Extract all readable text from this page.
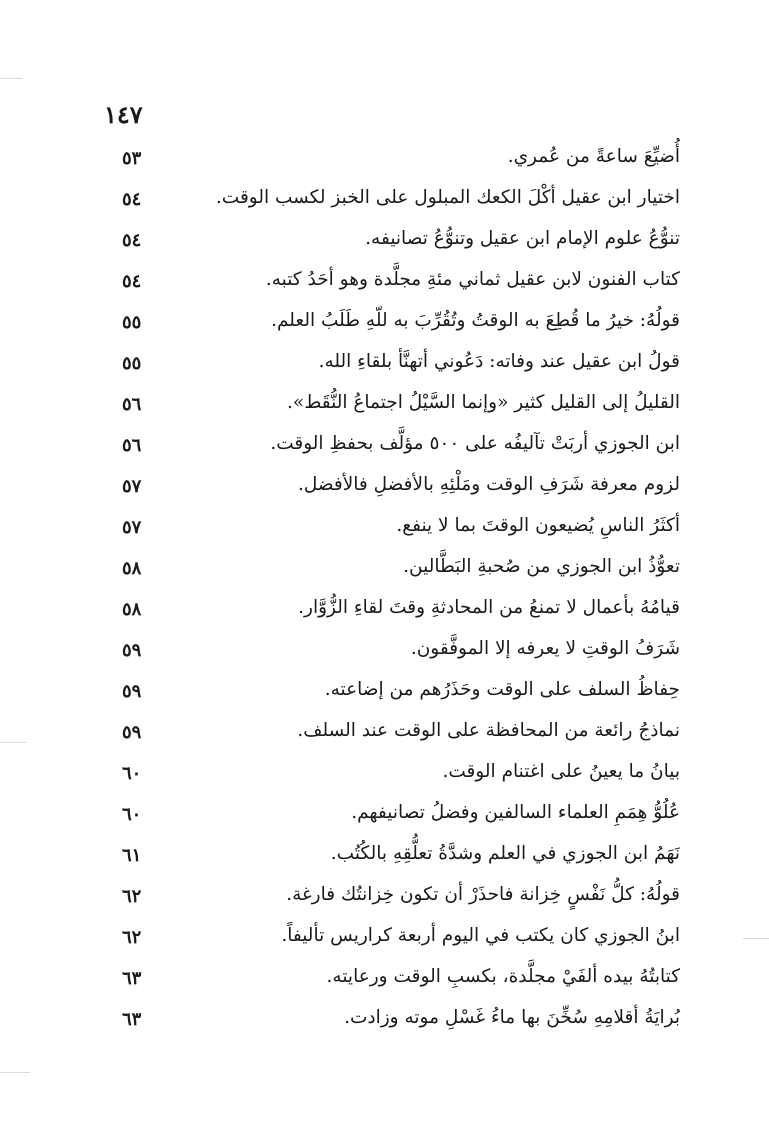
١٤٧
أُضيِّعَ ساعةً من عُمري.
٥٣
اختيار ابن عقيل أكْلَ الكعك المبلول على الخبز لكسب الوقت.
٥٤
تنوُّعُ علوم الإمام ابن عقيل وتنوُّعُ تصانيفه.
٥٤
كتاب الفنون لابن عقيل ثماني مئةِ مجلَّدة وهو أحَدُ كتبه.
٥٤
قولُهُ: خيرُ ما قُطِعَ به الوقتُ وتُقُرِّبَ به للّهِ طَلَبُ العلم.
٥٥
قولُ ابن عقيل عند وفاته: دَعُوني أتهنَّأ بلقاءِ الله.
٥٥
القليلُ إلى القليل كثير «وإنما السَّيْلُ اجتماعُ النُّقَط».
٥٦
ابن الجوزي أربَتْ تآليفُه على ٥٠٠ مؤلَّف بحفظِ الوقت.
٥٦
لزوم معرفة شَرَفِ الوقت ومَلْئِهِ بالأفضلِ فالأفضل.
٥٧
أكثَرُ الناسِ يُضيعون الوقتَ بما لا ينفع.
٥٧
تعوُّذُ ابن الجوزي من صُحبةِ البَطَّالين.
٥٨
قيامُهُ بأعمال لا تمنعُ من المحادثةِ وقتَ لقاءِ الزُّوَّار.
٥٨
شَرَفُ الوقتِ لا يعرفه إلا الموفَّقون.
٥٩
حِفاظُ السلف على الوقت وحَذَرُهم من إضاعته.
٥٩
نماذجُ رائعة من المحافظة على الوقت عند السلف.
٥٩
بيانُ ما يعينُ على اغتنام الوقت.
٦٠
عُلُوُّ هِمَمِ العلماء السالفين وفضلُ تصانيفهم.
٦٠
نَهَمُ ابن الجوزي في العلم وشدَّةُ تعلُّقِهِ بالكُتُب.
٦١
قولُهُ: كلُّ نَفْسٍ خِزانة فاحذَرْ أن تكون خِزانتُك فارغة.
٦٢
ابنُ الجوزي كان يكتب في اليوم أربعة كراريس تأليفاً.
٦٢
كتابتُهُ بيده ألفَيْ مجلَّدة، بكسبِ الوقت ورعايته.
٦٣
بُرايَةُ أقلامِهِ سُخِّنَ بها ماءُ غَسْلِ موته وزادت.
٦٣
